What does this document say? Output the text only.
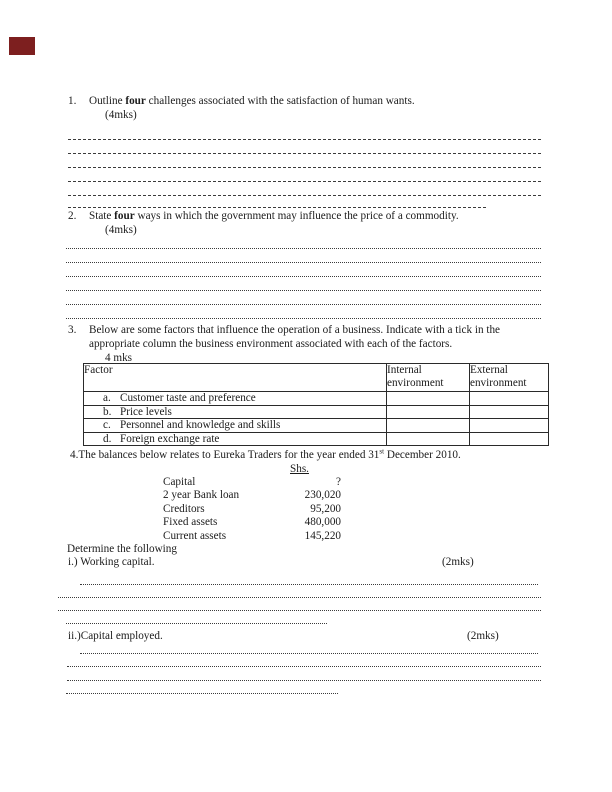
1.	Outline four challenges associated with the satisfaction of human wants.
(4mks)
2.	State four ways in which the government may influence the price of a commodity.
(4mks)
3.	Below are some factors that influence the operation of a business. Indicate with a tick in the
appropriate column the business environment associated with each of the factors.
4 mks
Factor	Internal environment	External environment

a. Customer taste and preference		

b. Price levels		

c. Personnel and knowledge and skills		

d. Foreign exchange rate		

4.The balances below relates to Eureka Traders for the year ended 31st December 2010.
Shs.
Capital	?
2 year Bank loan	230,020
Creditors	95,200
Fixed assets	480,000
Current assets	145,220
Determine the following
i.) Working capital.	(2mks)
ii.)Capital employed.	(2mks)
